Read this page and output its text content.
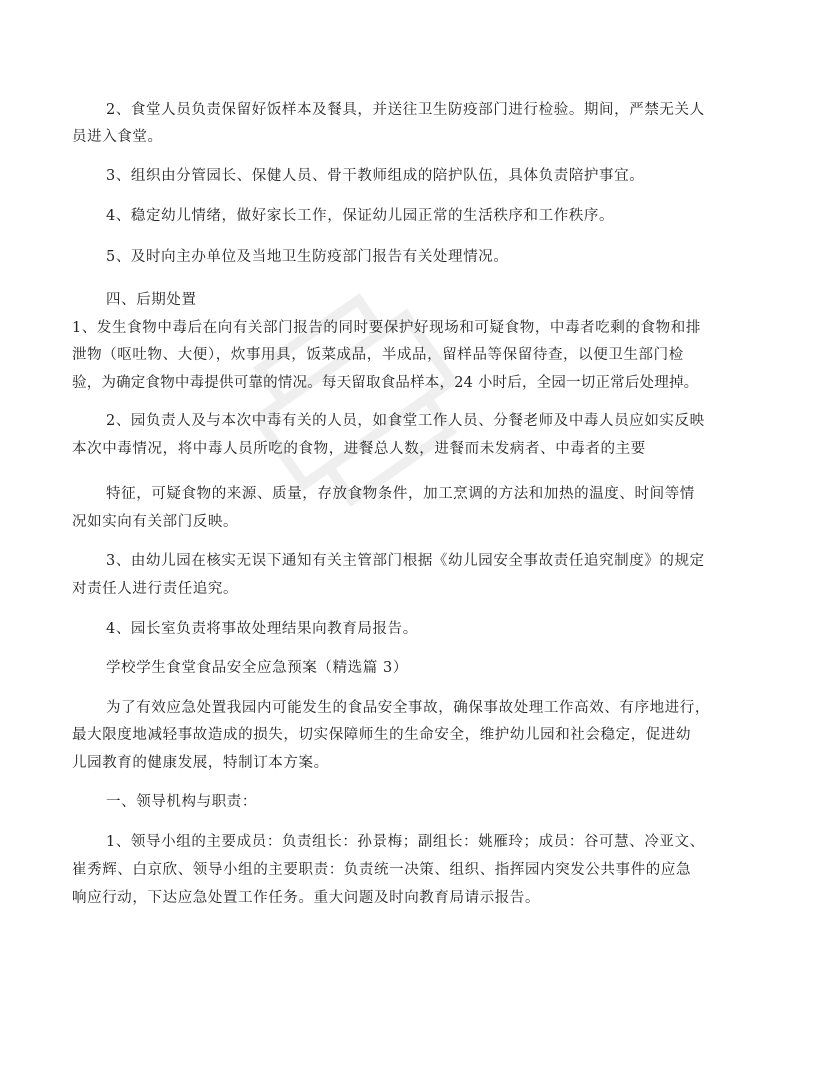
2、食堂人员负责保留好饭样本及餐具，并送往卫生防疫部门进行检验。期间，严禁无关人
员进入食堂。
3、组织由分管园长、保健人员、骨干教师组成的陪护队伍，具体负责陪护事宜。
4、稳定幼儿情绪，做好家长工作，保证幼儿园正常的生活秩序和工作秩序。
5、及时向主办单位及当地卫生防疫部门报告有关处理情况。
四、后期处置
1、发生食物中毒后在向有关部门报告的同时要保护好现场和可疑食物，中毒者吃剩的食物和排
泄物（呕吐物、大便），炊事用具，饭菜成品，半成品，留样品等保留待查，以便卫生部门检
验，为确定食物中毒提供可靠的情况。每天留取食品样本，24 小时后，全园一切正常后处理掉。
2、园负责人及与本次中毒有关的人员，如食堂工作人员、分餐老师及中毒人员应如实反映
本次中毒情况，将中毒人员所吃的食物，进餐总人数，进餐而未发病者、中毒者的主要
特征，可疑食物的来源、质量，存放食物条件，加工烹调的方法和加热的温度、时间等情
况如实向有关部门反映。
3、由幼儿园在核实无误下通知有关主管部门根据《幼儿园安全事故责任追究制度》的规定
对责任人进行责任追究。
4、园长室负责将事故处理结果向教育局报告。
学校学生食堂食品安全应急预案（精选篇 3）
为了有效应急处置我园内可能发生的食品安全事故，确保事故处理工作高效、有序地进行，
最大限度地减轻事故造成的损失，切实保障师生的生命安全，维护幼儿园和社会稳定，促进幼
儿园教育的健康发展，特制订本方案。
一、领导机构与职责：
1、领导小组的主要成员：负责组长：孙景梅；副组长：姚雁玲；成员：谷可慧、冷亚文、
崔秀辉、白京欣、领导小组的主要职责：负责统一决策、组织、指挥园内突发公共事件的应急
响应行动，下达应急处置工作任务。重大问题及时向教育局请示报告。
